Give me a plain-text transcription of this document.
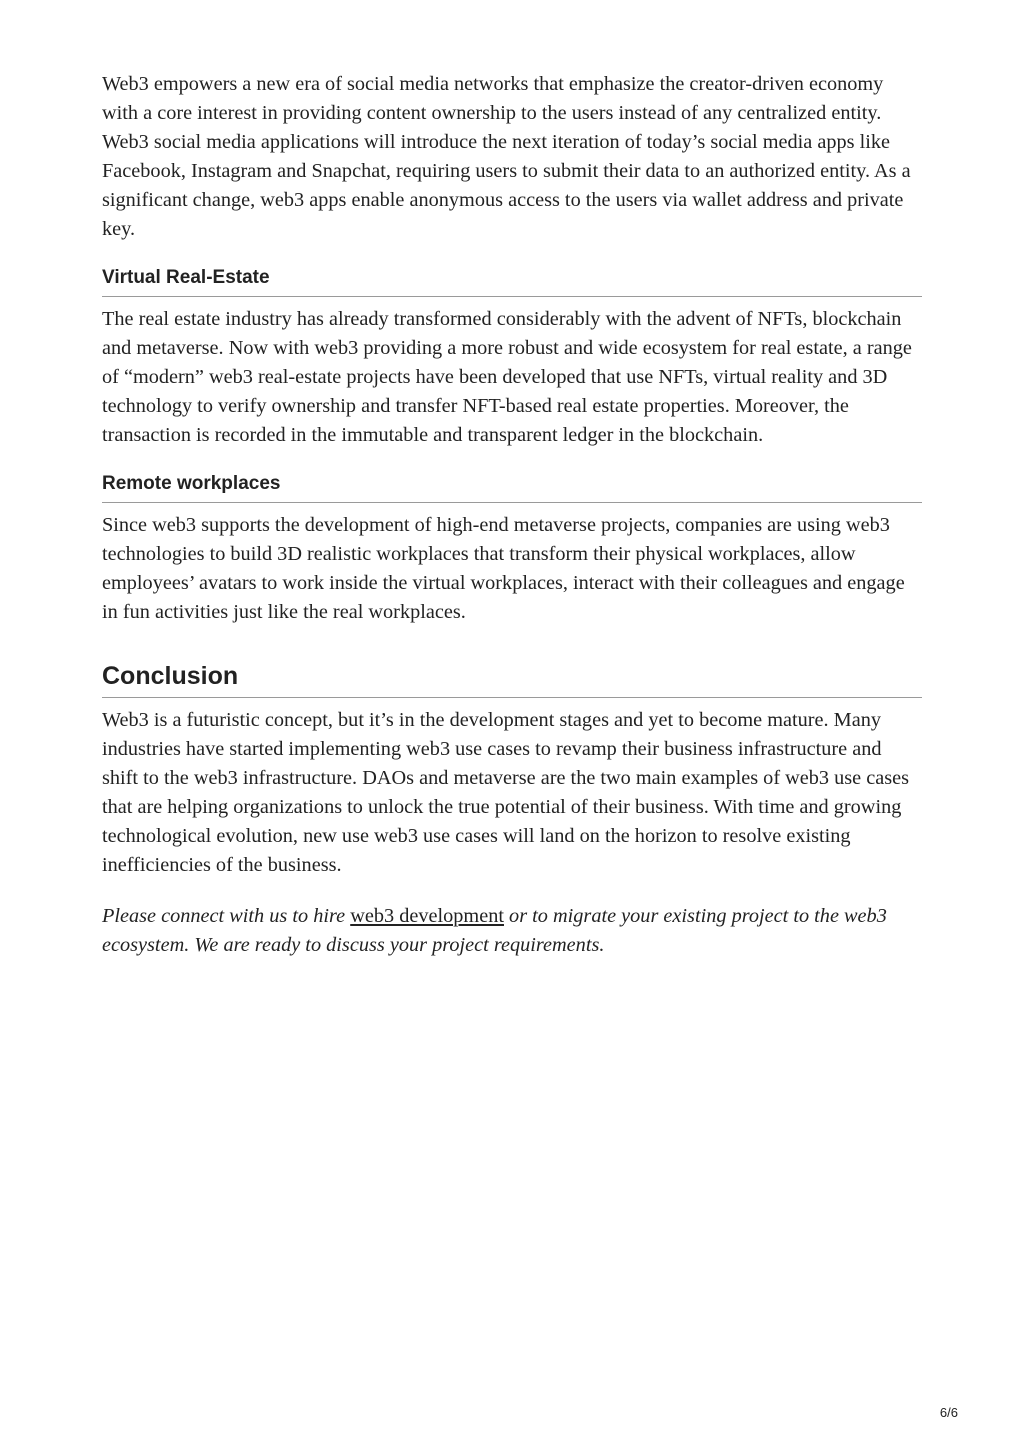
Web3 empowers a new era of social media networks that emphasize the creator-driven economy with a core interest in providing content ownership to the users instead of any centralized entity. Web3 social media applications will introduce the next iteration of today’s social media apps like Facebook, Instagram and Snapchat, requiring users to submit their data to an authorized entity. As a significant change, web3 apps enable anonymous access to the users via wallet address and private key.

Virtual Real-Estate

The real estate industry has already transformed considerably with the advent of NFTs, blockchain and metaverse. Now with web3 providing a more robust and wide ecosystem for real estate, a range of “modern” web3 real-estate projects have been developed that use NFTs, virtual reality and 3D technology to verify ownership and transfer NFT-based real estate properties. Moreover, the transaction is recorded in the immutable and transparent ledger in the blockchain.

Remote workplaces

Since web3 supports the development of high-end metaverse projects, companies are using web3 technologies to build 3D realistic workplaces that transform their physical workplaces, allow employees’ avatars to work inside the virtual workplaces, interact with their colleagues and engage in fun activities just like the real workplaces.

Conclusion

Web3 is a futuristic concept, but it’s in the development stages and yet to become mature. Many industries have started implementing web3 use cases to revamp their business infrastructure and shift to the web3 infrastructure. DAOs and metaverse are the two main examples of web3 use cases that are helping organizations to unlock the true potential of their business. With time and growing technological evolution, new use web3 use cases will land on the horizon to resolve existing inefficiencies of the business.

Please connect with us to hire web3 development or to migrate your existing project to the web3 ecosystem. We are ready to discuss your project requirements.

6/6
